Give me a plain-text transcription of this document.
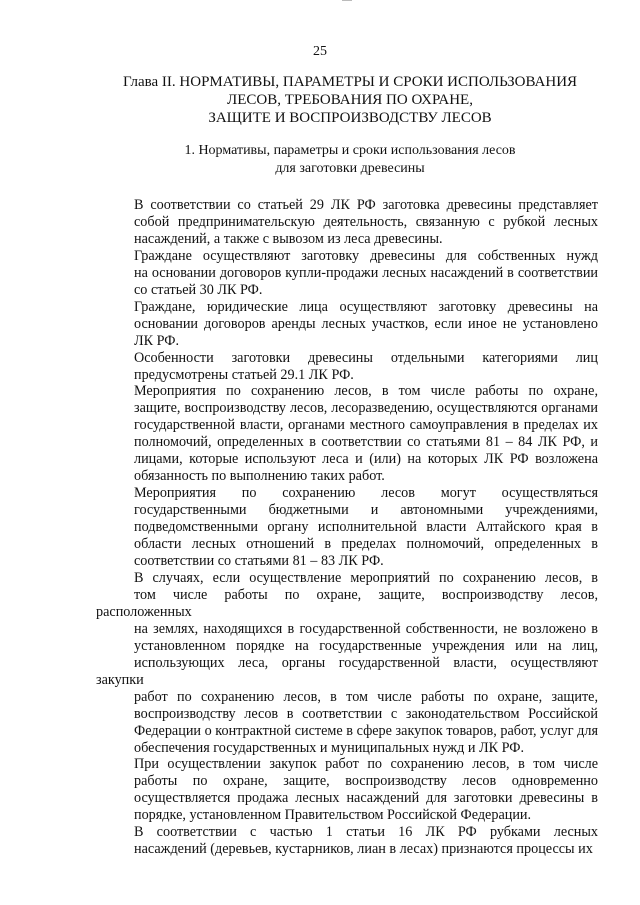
25
Глава II. НОРМАТИВЫ, ПАРАМЕТРЫ И СРОКИ ИСПОЛЬЗОВАНИЯ
ЛЕСОВ, ТРЕБОВАНИЯ ПО ОХРАНЕ,
ЗАЩИТЕ И ВОСПРОИЗВОДСТВУ ЛЕСОВ
1. Нормативы, параметры и сроки использования лесов
для заготовки древесины

В соответствии со статьей 29 ЛК РФ заготовка древесины представляет
собой предпринимательскую деятельность, связанную с рубкой лесных
насаждений, а также с вывозом из леса древесины.

Граждане осуществляют заготовку древесины для собственных нужд
на основании договоров купли-продажи лесных насаждений в соответствии
со статьей 30 ЛК РФ.

Граждане, юридические лица осуществляют заготовку древесины на
основании договоров аренды лесных участков, если иное не установлено
ЛК РФ.

Особенности заготовки древесины отдельными категориями лиц
предусмотрены статьей 29.1 ЛК РФ.

Мероприятия по сохранению лесов, в том числе работы по охране,
защите, воспроизводству лесов, лесоразведению, осуществляются органами
государственной власти, органами местного самоуправления в пределах их
полномочий, определенных в соответствии со статьями 81 – 84 ЛК РФ, и
лицами, которые используют леса и (или) на которых ЛК РФ возложена
обязанность по выполнению таких работ.

Мероприятия по сохранению лесов могут осуществляться
государственными бюджетными и автономными учреждениями,
подведомственными органу исполнительной власти Алтайского края в
области лесных отношений в пределах полномочий, определенных в
соответствии со статьями 81 – 83 ЛК РФ.

В случаях, если осуществление мероприятий по сохранению лесов, в
том числе работы по охране, защите, воспроизводству лесов, расположенных
на землях, находящихся в государственной собственности, не возложено в
установленном порядке на государственные учреждения или на лиц,
использующих леса, органы государственной власти, осуществляют закупки
работ по сохранению лесов, в том числе работы по охране, защите,
воспроизводству лесов в соответствии с законодательством Российской
Федерации о контрактной системе в сфере закупок товаров, работ, услуг для
обеспечения государственных и муниципальных нужд и ЛК РФ.

При осуществлении закупок работ по сохранению лесов, в том числе
работы по охране, защите, воспроизводству лесов одновременно
осуществляется продажа лесных насаждений для заготовки древесины в
порядке, установленном Правительством Российской Федерации.

В соответствии с частью 1 статьи 16 ЛК РФ рубками лесных
насаждений (деревьев, кустарников, лиан в лесах) признаются процессы их
